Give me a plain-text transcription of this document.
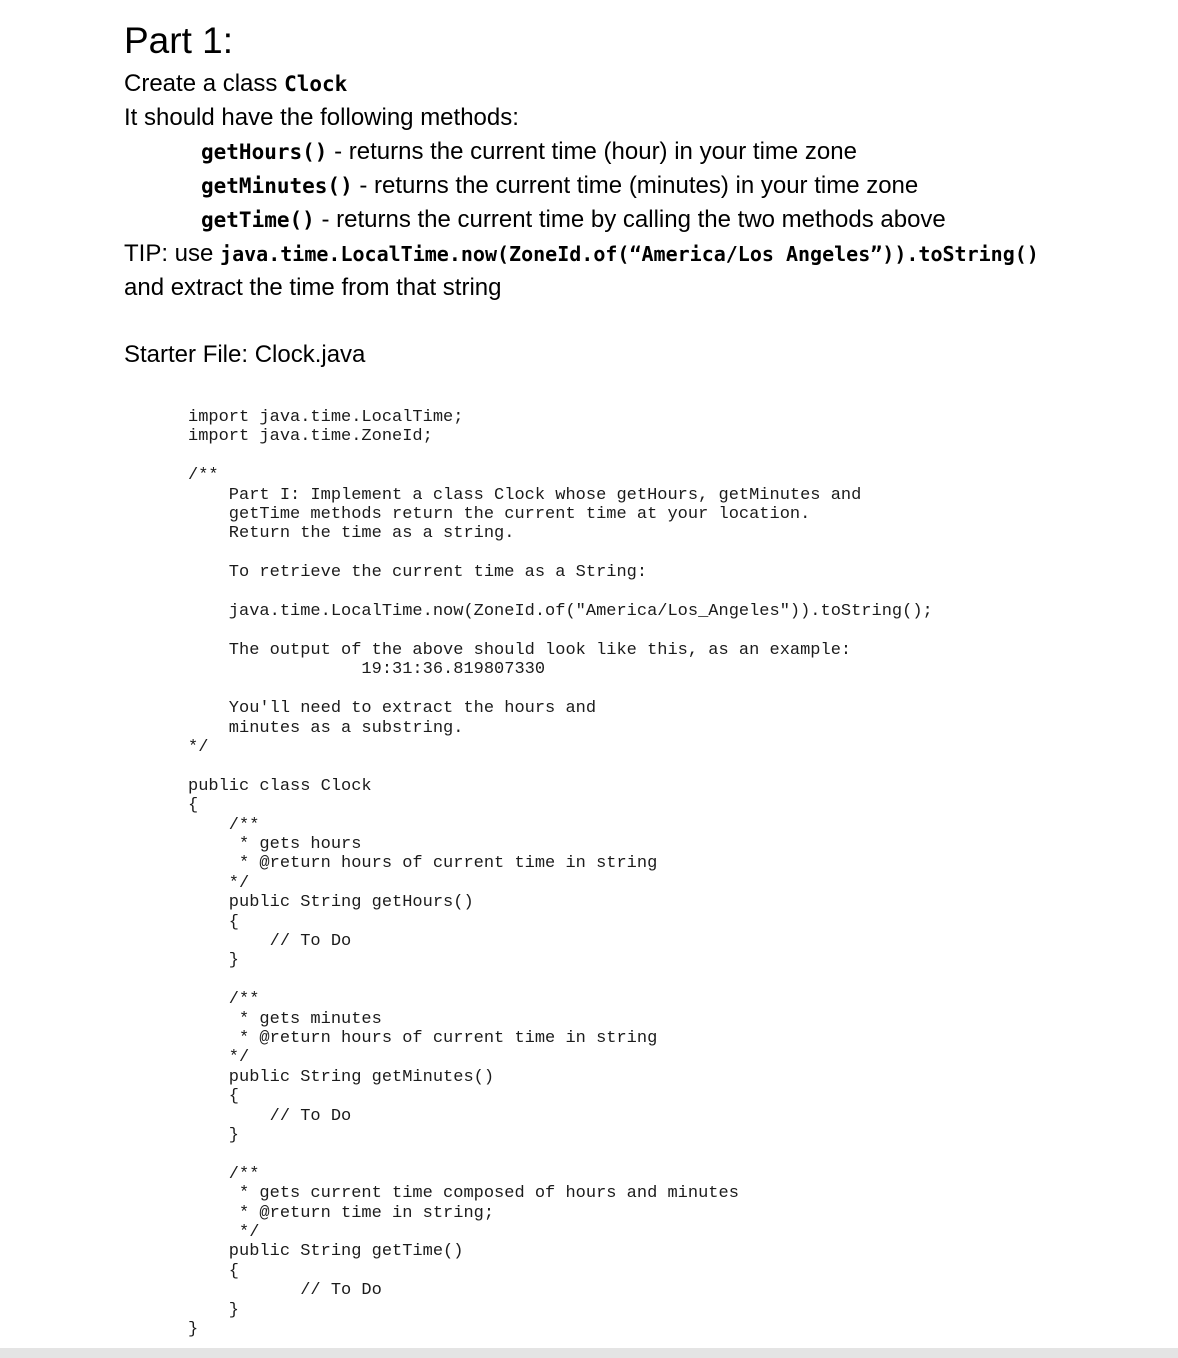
Part 1:
Create a class Clock
It should have the following methods:
getHours() - returns the current time (hour) in your time zone
getMinutes() - returns the current time (minutes) in your time zone
getTime() - returns the current time by calling the two methods above
TIP: use java.time.LocalTime.now(ZoneId.of(“America/Los Angeles”)).toString()
and extract the time from that string
Starter File: Clock.java
import java.time.LocalTime;
import java.time.ZoneId;

/**
Part I: Implement a class Clock whose getHours, getMinutes and
getTime methods return the current time at your location.
Return the time as a string.

To retrieve the current time as a String:

java.time.LocalTime.now(ZoneId.of("America/Los_Angeles")).toString();

The output of the above should look like this, as an example:
19:31:36.819807330

You'll need to extract the hours and
minutes as a substring.
*/

public class Clock
{
/**
* gets hours
* @return hours of current time in string
*/
public String getHours()
{
// To Do
}

/**
* gets minutes
* @return hours of current time in string
*/
public String getMinutes()
{
// To Do
}

/**
* gets current time composed of hours and minutes
* @return time in string;
*/
public String getTime()
{
// To Do
}
}
